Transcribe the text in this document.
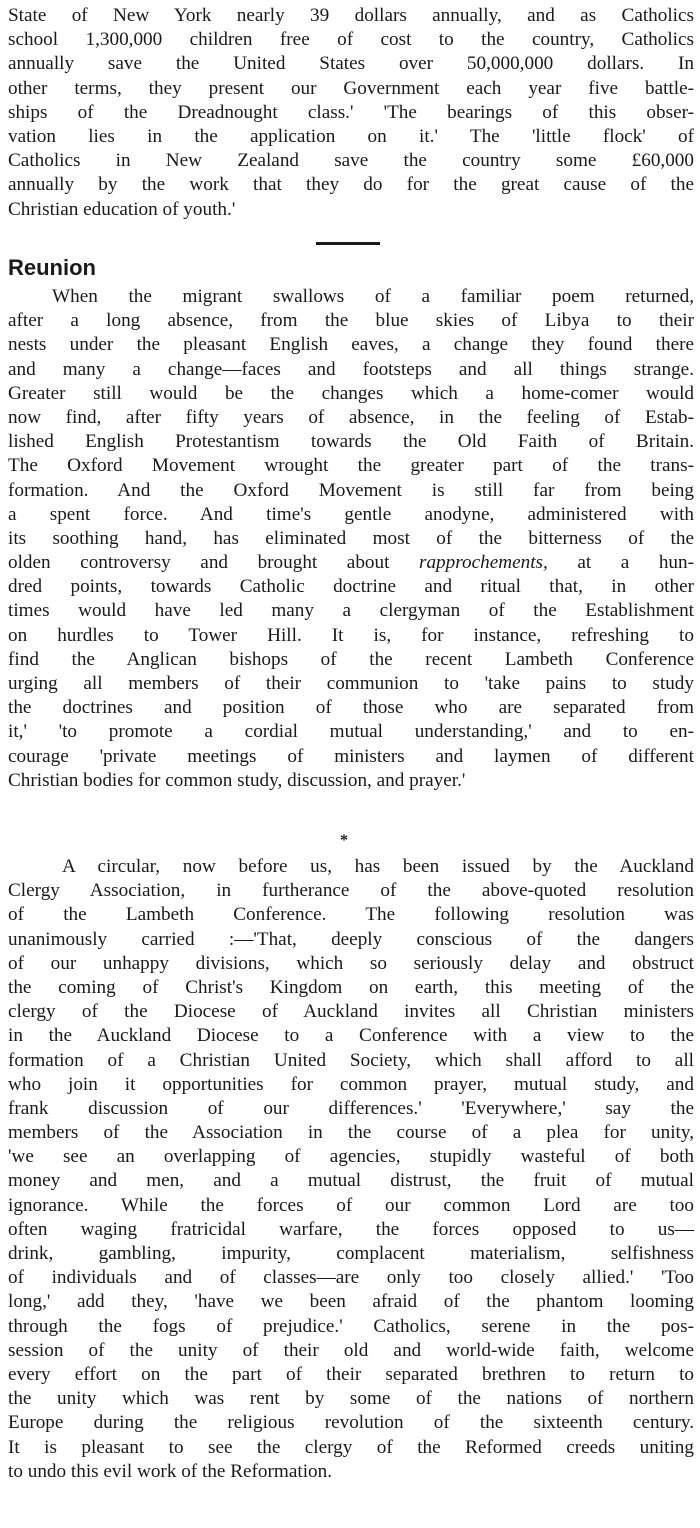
State of New York nearly 39 dollars annually, and as Catholics
school 1,300,000 children free of cost to the country, Catholics
annually save the United States over 50,000,000 dollars. In
other terms, they present our Government each year five battle-
ships of the Dreadnought class.' 'The bearings of this obser-
vation lies in the application on it.' The 'little flock' of
Catholics in New Zealand save the country some £60,000
annually by the work that they do for the great cause of the
Christian education of youth.'
Reunion
When the migrant swallows of a familiar poem returned,
after a long absence, from the blue skies of Libya to their
nests under the pleasant English eaves, a change they found there
and many a change—faces and footsteps and all things strange.
Greater still would be the changes which a home-comer would
now find, after fifty years of absence, in the feeling of Estab-
lished English Protestantism towards the Old Faith of Britain.
The Oxford Movement wrought the greater part of the trans-
formation. And the Oxford Movement is still far from being
a spent force. And time's gentle anodyne, administered with
its soothing hand, has eliminated most of the bitterness of the
olden controversy and brought about rapprochements, at a hun-
dred points, towards Catholic doctrine and ritual that, in other
times would have led many a clergyman of the Establishment
on hurdles to Tower Hill. It is, for instance, refreshing to
find the Anglican bishops of the recent Lambeth Conference
urging all members of their communion to 'take pains to study
the doctrines and position of those who are separated from
it,' 'to promote a cordial mutual understanding,' and to en-
courage 'private meetings of ministers and laymen of different
Christian bodies for common study, discussion, and prayer.'
*
A circular, now before us, has been issued by the Auckland
Clergy Association, in furtherance of the above-quoted resolution
of the Lambeth Conference. The following resolution was
unanimously carried :—'That, deeply conscious of the dangers
of our unhappy divisions, which so seriously delay and obstruct
the coming of Christ's Kingdom on earth, this meeting of the
clergy of the Diocese of Auckland invites all Christian ministers
in the Auckland Diocese to a Conference with a view to the
formation of a Christian United Society, which shall afford to all
who join it opportunities for common prayer, mutual study, and
frank discussion of our differences.' 'Everywhere,' say the
members of the Association in the course of a plea for unity,
'we see an overlapping of agencies, stupidly wasteful of both
money and men, and a mutual distrust, the fruit of mutual
ignorance. While the forces of our common Lord are too
often waging fratricidal warfare, the forces opposed to us—
drink, gambling, impurity, complacent materialism, selfishness
of individuals and of classes—are only too closely allied.' 'Too
long,' add they, 'have we been afraid of the phantom looming
through the fogs of prejudice.' Catholics, serene in the pos-
session of the unity of their old and world-wide faith, welcome
every effort on the part of their separated brethren to return to
the unity which was rent by some of the nations of northern
Europe during the religious revolution of the sixteenth century.
It is pleasant to see the clergy of the Reformed creeds uniting
to undo this evil work of the Reformation.
